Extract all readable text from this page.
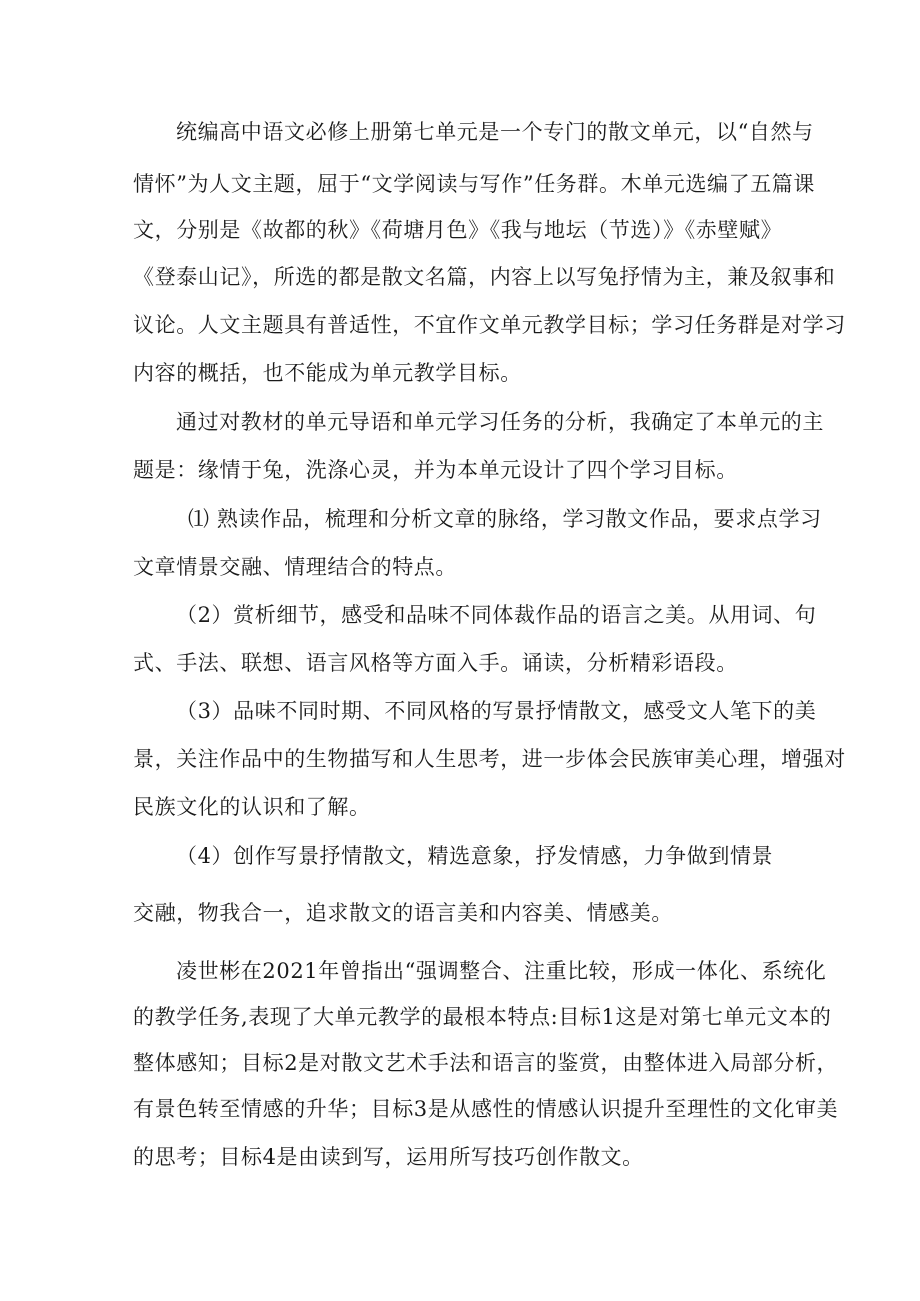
统编高中语文必修上册第七单元是一个专门的散文单元，以“自然与
情怀”为人文主题，屈于“文学阅读与写作”任务群。木单元选编了五篇课
文，分别是《故都的秋》《荷塘月色》《我与地坛（节选）》《赤壁赋》
《登泰山记》，所选的都是散文名篇，内容上以写兔抒情为主，兼及叙事和
议论。人文主题具有普适性，不宜作文单元教学目标；学习任务群是对学习
内容的概括，也不能成为单元教学目标。
通过对教材的单元导语和单元学习任务的分析，我确定了本单元的主
题是：缘情于兔，洗涤心灵，并为本单元设计了四个学习目标。
⑴ 熟读作品，梳理和分析文章的脉络，学习散文作品，要求点学习
文章情景交融、情理结合的特点。
（2）赏析细节，感受和品味不同体裁作品的语言之美。从用词、句
式、手法、联想、语言风格等方面入手。诵读，分析精彩语段。
（3）品味不同时期、不同风格的写景抒情散文，感受文人笔下的美
景，关注作品中的生物描写和人生思考，进一步体会民族审美心理，增强对
民族文化的认识和了解。
（4）创作写景抒情散文，精选意象，抒发情感，力争做到情景
交融，物我合一，追求散文的语言美和内容美、情感美。
凌世彬在2021年曾指出“强调整合、注重比较，形成一体化、系统化
的教学任务,表现了大单元教学的最根本特点:目标1这是对第七单元文本的
整体感知；目标2是对散文艺术手法和语言的鉴赏，由整体进入局部分析，
有景色转至情感的升华；目标3是从感性的情感认识提升至理性的文化审美
的思考；目标4是由读到写，运用所写技巧创作散文。
